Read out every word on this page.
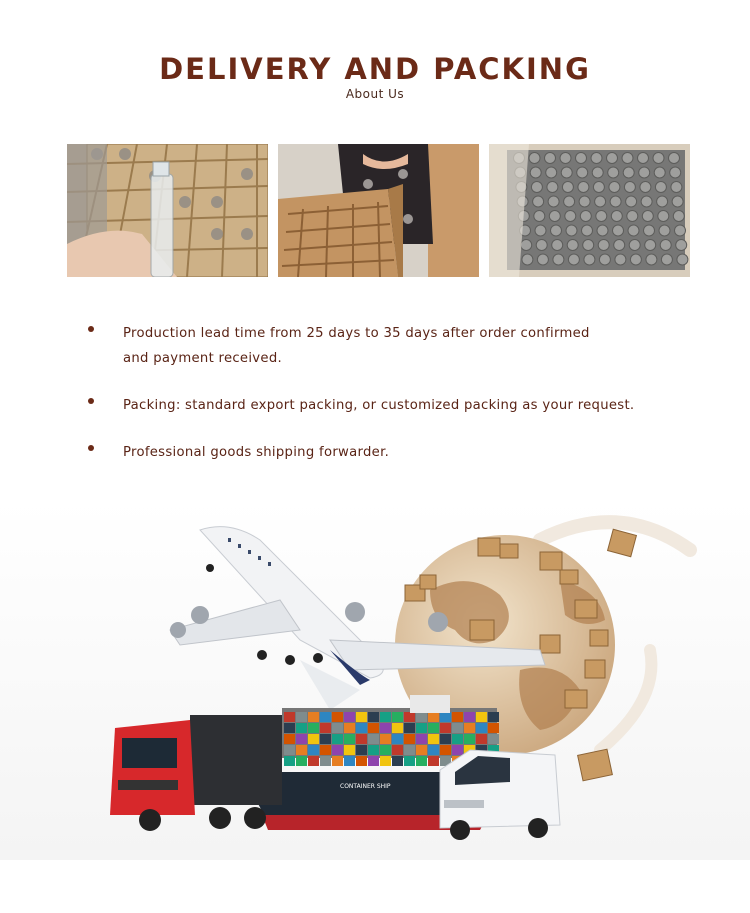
DELIVERY AND PACKING
About Us
Production lead time from 25 days to 35 days after order confirmed
and payment received.
Packing: standard export packing, or customized packing as your request.
Professional goods shipping forwarder.
CONTAINER SHIP
